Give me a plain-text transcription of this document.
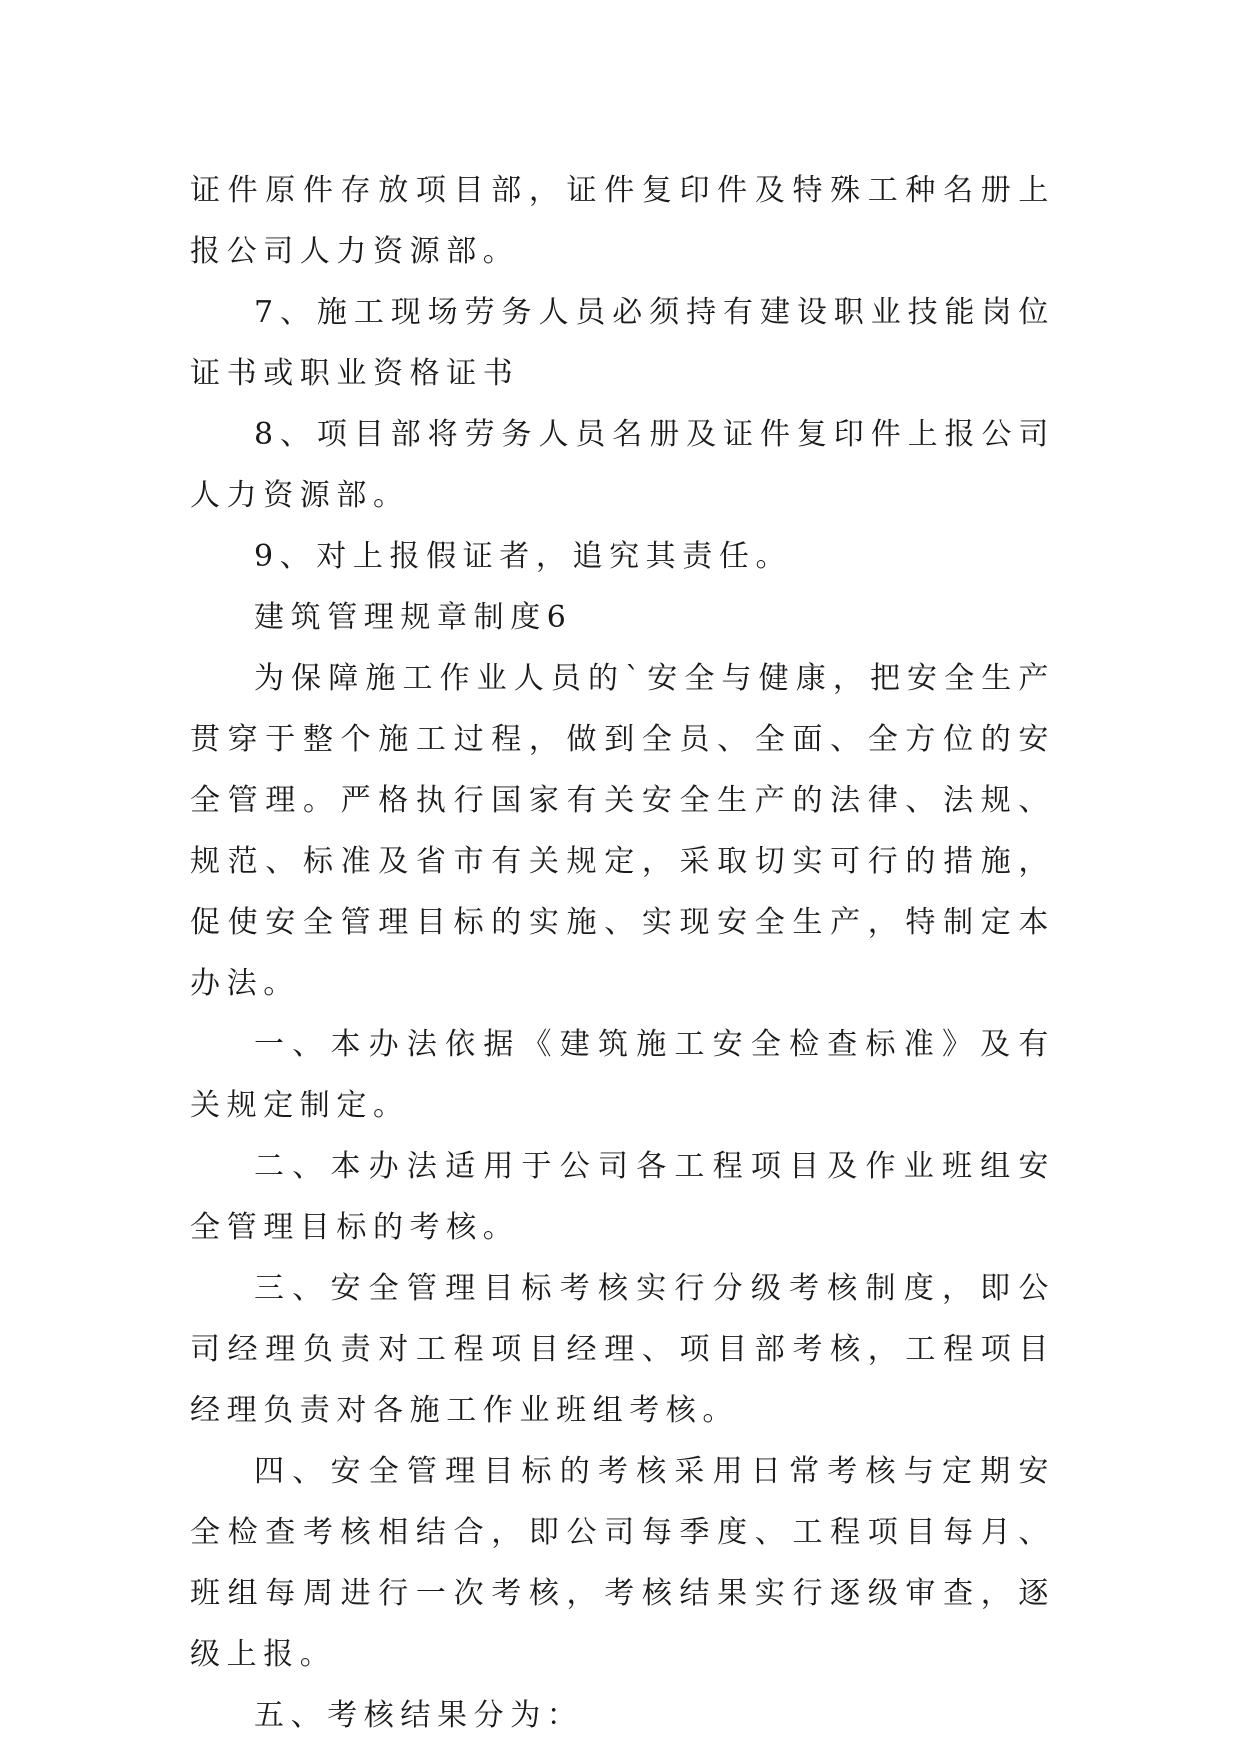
证件原件存放项目部，证件复印件及特殊工种名册上报公司人力资源部。

7、施工现场劳务人员必须持有建设职业技能岗位证书或职业资格证书

8、项目部将劳务人员名册及证件复印件上报公司人力资源部。

9、对上报假证者，追究其责任。

建筑管理规章制度6

为保障施工作业人员的`安全与健康，把安全生产贯穿于整个施工过程，做到全员、全面、全方位的安全管理。严格执行国家有关安全生产的法律、法规、规范、标准及省市有关规定，采取切实可行的措施，促使安全管理目标的实施、实现安全生产，特制定本办法。

一、本办法依据《建筑施工安全检查标准》及有关规定制定。

二、本办法适用于公司各工程项目及作业班组安全管理目标的考核。

三、安全管理目标考核实行分级考核制度，即公司经理负责对工程项目经理、项目部考核，工程项目经理负责对各施工作业班组考核。

四、安全管理目标的考核采用日常考核与定期安全检查考核相结合，即公司每季度、工程项目每月、班组每周进行一次考核，考核结果实行逐级审查，逐级上报。

五、考核结果分为：
